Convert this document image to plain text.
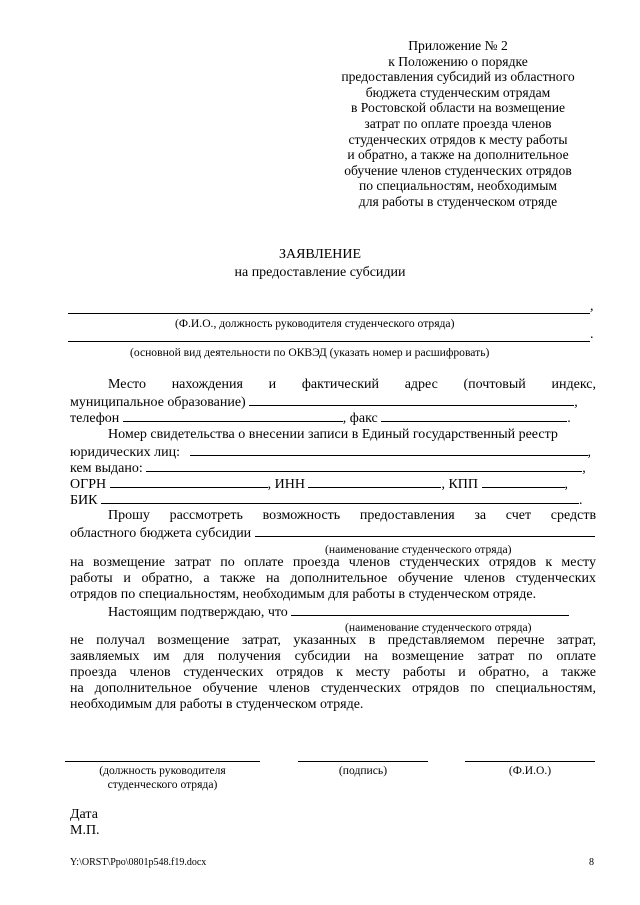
Приложение № 2
к Положению о порядке
предоставления субсидий из областного
бюджета студенческим отрядам
в Ростовской области на возмещение
затрат по оплате проезда членов
студенческих отрядов к месту работы
и обратно, а также на дополнительное
обучение членов студенческих отрядов
по специальностям, необходимым
для работы в студенческом отряде
ЗАЯВЛЕНИЕ
на предоставление субсидии
,
(Ф.И.О., должность руководителя студенческого отряда)
.
(основной вид деятельности по ОКВЭД (указать номер и расшифровать)
Место нахождения и фактический адрес (почтовый индекс,
муниципальное образование)	,
телефон	, факс	.
Номер свидетельства о внесении записи в Единый государственный реестр
юридических лиц:	,
кем выдано:	,
ОГРН	, ИНН	, КПП	,
БИК	.
Прошу рассмотреть возможность предоставления за счет средств
областного бюджета субсидии
(наименование студенческого отряда)
на возмещение затрат по оплате проезда членов студенческих отрядов к месту
работы и обратно, а также на дополнительное обучение членов студенческих
отрядов по специальностям, необходимым для работы в студенческом отряде.
Настоящим подтверждаю, что
(наименование студенческого отряда)
не получал возмещение затрат, указанных в представляемом перечне затрат,
заявляемых им для получения субсидии на возмещение затрат по оплате
проезда членов студенческих отрядов к месту работы и обратно, а также
на дополнительное обучение членов студенческих отрядов по специальностям,
необходимым для работы в студенческом отряде.
(должность руководителя
студенческого отряда)
(подпись)	(Ф.И.О.)
Дата
М.П.
Y:\ORST\Ppo\0801p548.f19.docx	8
